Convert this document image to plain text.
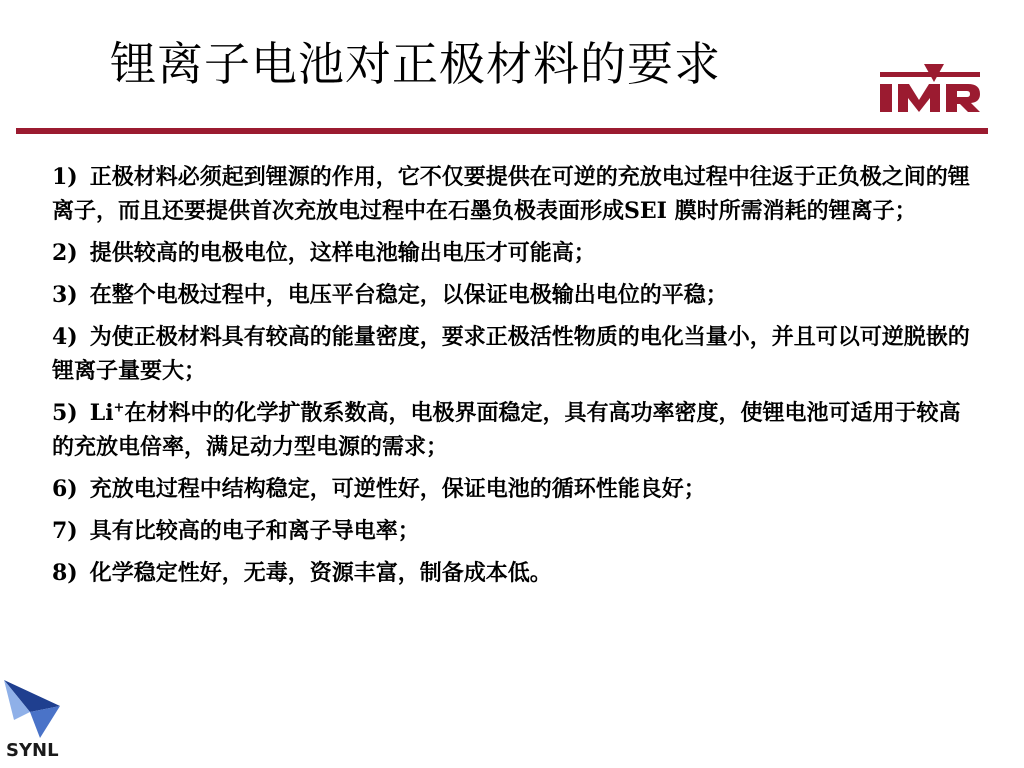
锂离子电池对正极材料的要求
1) 正极材料必须起到锂源的作用，它不仅要提供在可逆的充放电过程中往返于正负极之间的锂离子，而且还要提供首次充放电过程中在石墨负极表面形成SEI 膜时所需消耗的锂离子；
2) 提供较高的电极电位，这样电池输出电压才可能高；
3) 在整个电极过程中，电压平台稳定，以保证电极输出电位的平稳；
4) 为使正极材料具有较高的能量密度，要求正极活性物质的电化当量小，并且可以可逆脱嵌的锂离子量要大；
5) Li+在材料中的化学扩散系数高，电极界面稳定，具有高功率密度，使锂电池可适用于较高的充放电倍率，满足动力型电源的需求；
6) 充放电过程中结构稳定，可逆性好，保证电池的循环性能良好；
7) 具有比较高的电子和离子导电率；
8) 化学稳定性好，无毒，资源丰富，制备成本低。
SYNL
